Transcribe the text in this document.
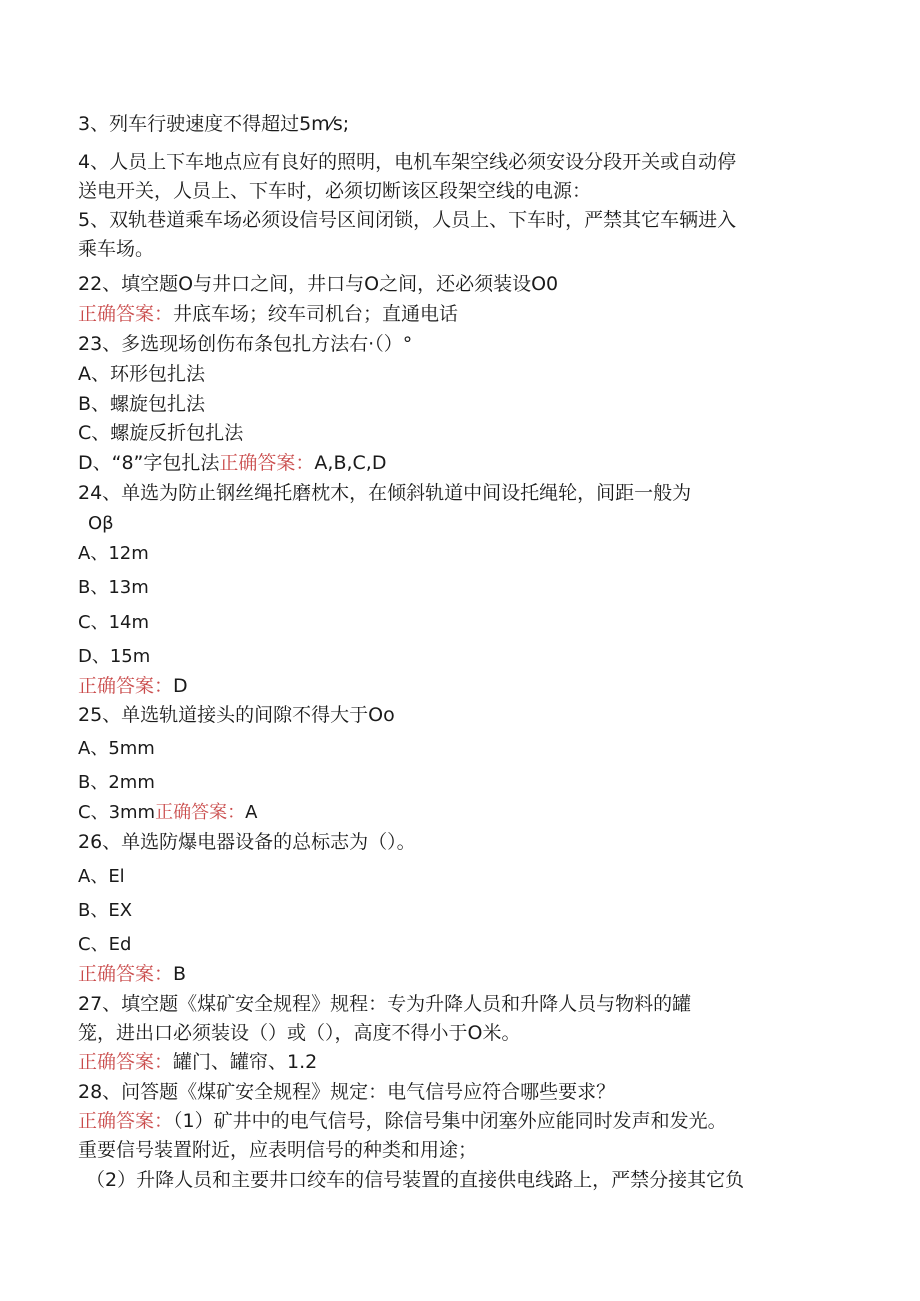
3、列车行驶速度不得超过5m⁄s;

4、人员上下车地点应有良好的照明，电机车架空线必须安设分段开关或自动停

送电开关，人员上、下车时，必须切断该区段架空线的电源：

5、双轨巷道乘车场必须设信号区间闭锁，人员上、下车时，严禁其它车辆进入

乘车场。

22、填空题O与井口之间，井口与O之间，还必须装设O0

正确答案：井底车场；绞车司机台；直通电话

23、多选现场创伤布条包扎方法右·（）°

A、环形包扎法

B、螺旋包扎法

C、螺旋反折包扎法

D、“8”字包扎法正确答案：A,B,C,D

24、单选为防止钢丝绳托磨枕木，在倾斜轨道中间设托绳轮，间距一般为

Oβ

A、12m

B、13m

C、14m

D、15m

正确答案：D

25、单选轨道接头的间隙不得大于Oo

A、5mm

B、2mm

C、3mm正确答案：A

26、单选防爆电器设备的总标志为（）。

A、El

B、EX

C、Ed

正确答案：B

27、填空题《煤矿安全规程》规程：专为升降人员和升降人员与物料的罐

笼，进出口必须装设（）或（），高度不得小于O米。

正确答案：罐门、罐帘、1.2

28、问答题《煤矿安全规程》规定：电气信号应符合哪些要求？

正确答案：（1）矿井中的电气信号，除信号集中闭塞外应能同时发声和发光。

重要信号装置附近，应表明信号的种类和用途；

（2）升降人员和主要井口绞车的信号装置的直接供电线路上，严禁分接其它负
